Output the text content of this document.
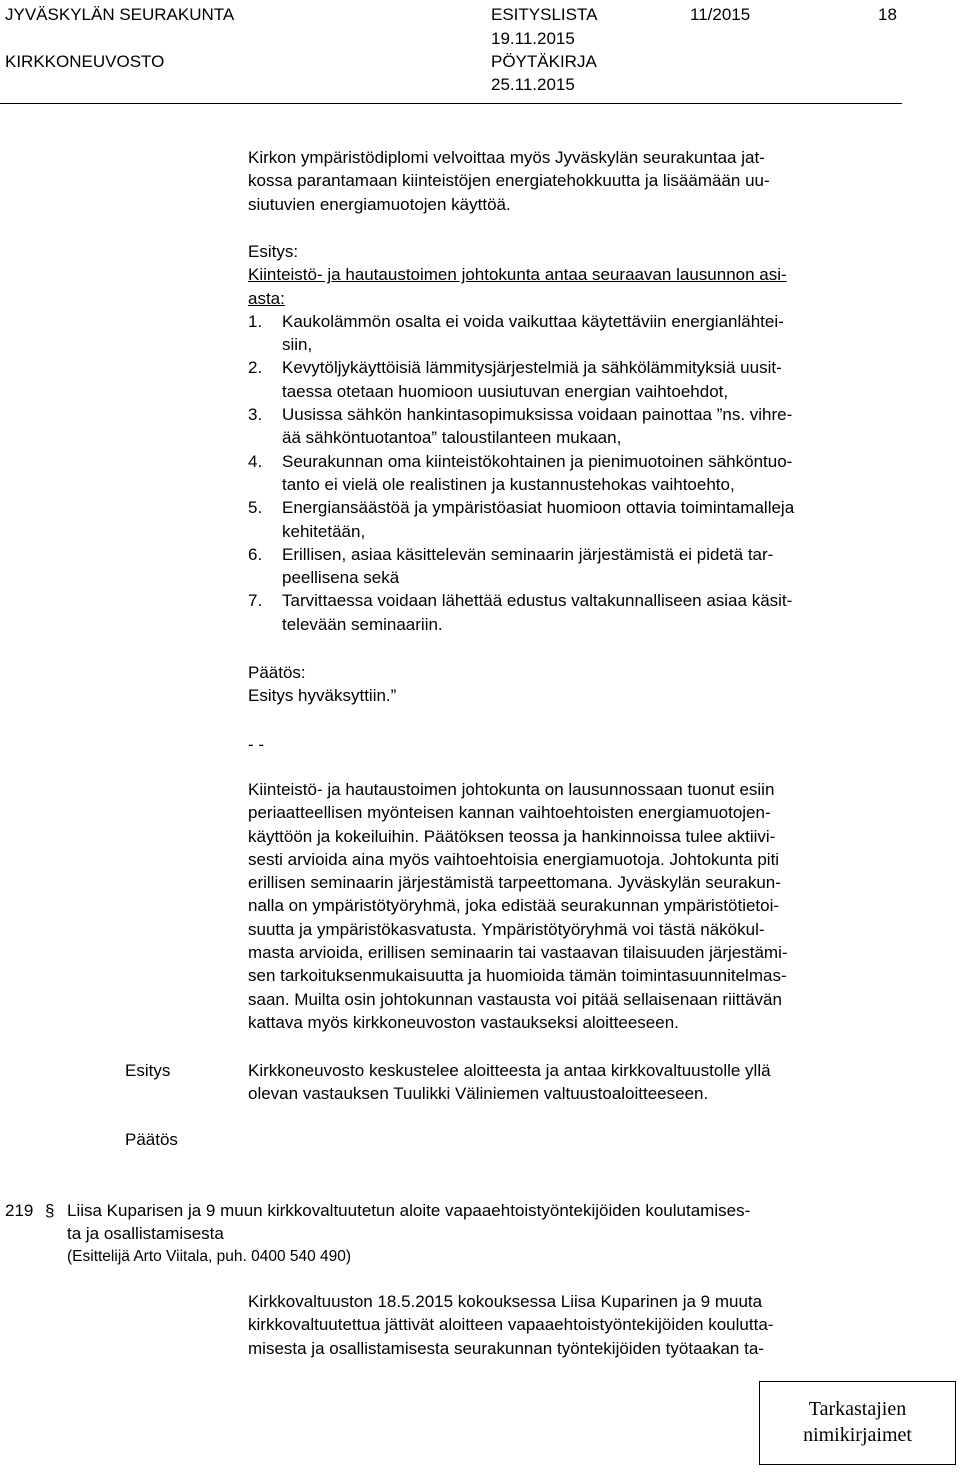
JYVÄSKYLÄN SEURAKUNTA	ESITYSLISTA	11/2015	18
19.11.2015
KIRKKONEUVOSTO	PÖYTÄKIRJA
25.11.2015
Kirkon ympäristödiplomi velvoittaa myös Jyväskylän seurakuntaa jat-
kossa parantamaan kiinteistöjen energiatehokkuutta ja lisäämään uu-
siutuvien energiamuotojen käyttöä.
Esitys:
Kiinteistö- ja hautaustoimen johtokunta antaa seuraavan lausunnon asi-
asta:
1. Kaukolämmön osalta ei voida vaikuttaa käytettäviin energianlähtei-
siin,
2. Kevytöljykäyttöisiä lämmitysjärjestelmiä ja sähkölämmityksiä uusit-
taessa otetaan huomioon uusiutuvan energian vaihtoehdot,
3. Uusissa sähkön hankintasopimuksissa voidaan painottaa ”ns. vihre-
ää sähköntuotantoa” taloustilanteen mukaan,
4. Seurakunnan oma kiinteistökohtainen ja pienimuotoinen sähköntuo-
tanto ei vielä ole realistinen ja kustannustehokas vaihtoehto,
5. Energiansäästöä ja ympäristöasiat huomioon ottavia toimintamalleja
kehitetään,
6. Erillisen, asiaa käsittelevän seminaarin järjestämistä ei pidetä tar-
peellisena sekä
7. Tarvittaessa voidaan lähettää edustus valtakunnalliseen asiaa käsit-
televään seminaariin.
Päätös:
Esitys hyväksyttiin.”
- -
Kiinteistö- ja hautaustoimen johtokunta on lausunnossaan tuonut esiin
periaatteellisen myönteisen kannan vaihtoehtoisten energiamuotojen-
käyttöön ja kokeiluihin. Päätöksen teossa ja hankinnoissa tulee aktiivi-
sesti arvioida aina myös vaihtoehtoisia energiamuotoja. Johtokunta piti
erillisen seminaarin järjestämistä tarpeettomana. Jyväskylän seurakun-
nalla on ympäristötyöryhmä, joka edistää seurakunnan ympäristötietoi-
suutta ja ympäristökasvatusta. Ympäristötyöryhmä voi tästä näkökul-
masta arvioida, erillisen seminaarin tai vastaavan tilaisuuden järjestämi-
sen tarkoituksenmukaisuutta ja huomioida tämän toimintasuunnitelmas-
saan. Muilta osin johtokunnan vastausta voi pitää sellaisenaan riittävän
kattava myös kirkkoneuvoston vastaukseksi aloitteeseen.
Esitys	Kirkkoneuvosto keskustelee aloitteesta ja antaa kirkkovaltuustolle yllä
olevan vastauksen Tuulikki Väliniemen valtuustoaloitteeseen.
Päätös
219 § Liisa Kuparisen ja 9 muun kirkkovaltuutetun aloite vapaaehtoistyöntekijöiden koulutamises-
ta ja osallistamisesta
(Esittelijä Arto Viitala, puh. 0400 540 490)
Kirkkovaltuuston 18.5.2015 kokouksessa Liisa Kuparinen ja 9 muuta
kirkkovaltuutettua jättivät aloitteen vapaaehtoistyöntekijöiden koulutta-
misesta ja osallistamisesta seurakunnan työntekijöiden työtaakan ta-
Tarkastajien
nimikirjaimet
